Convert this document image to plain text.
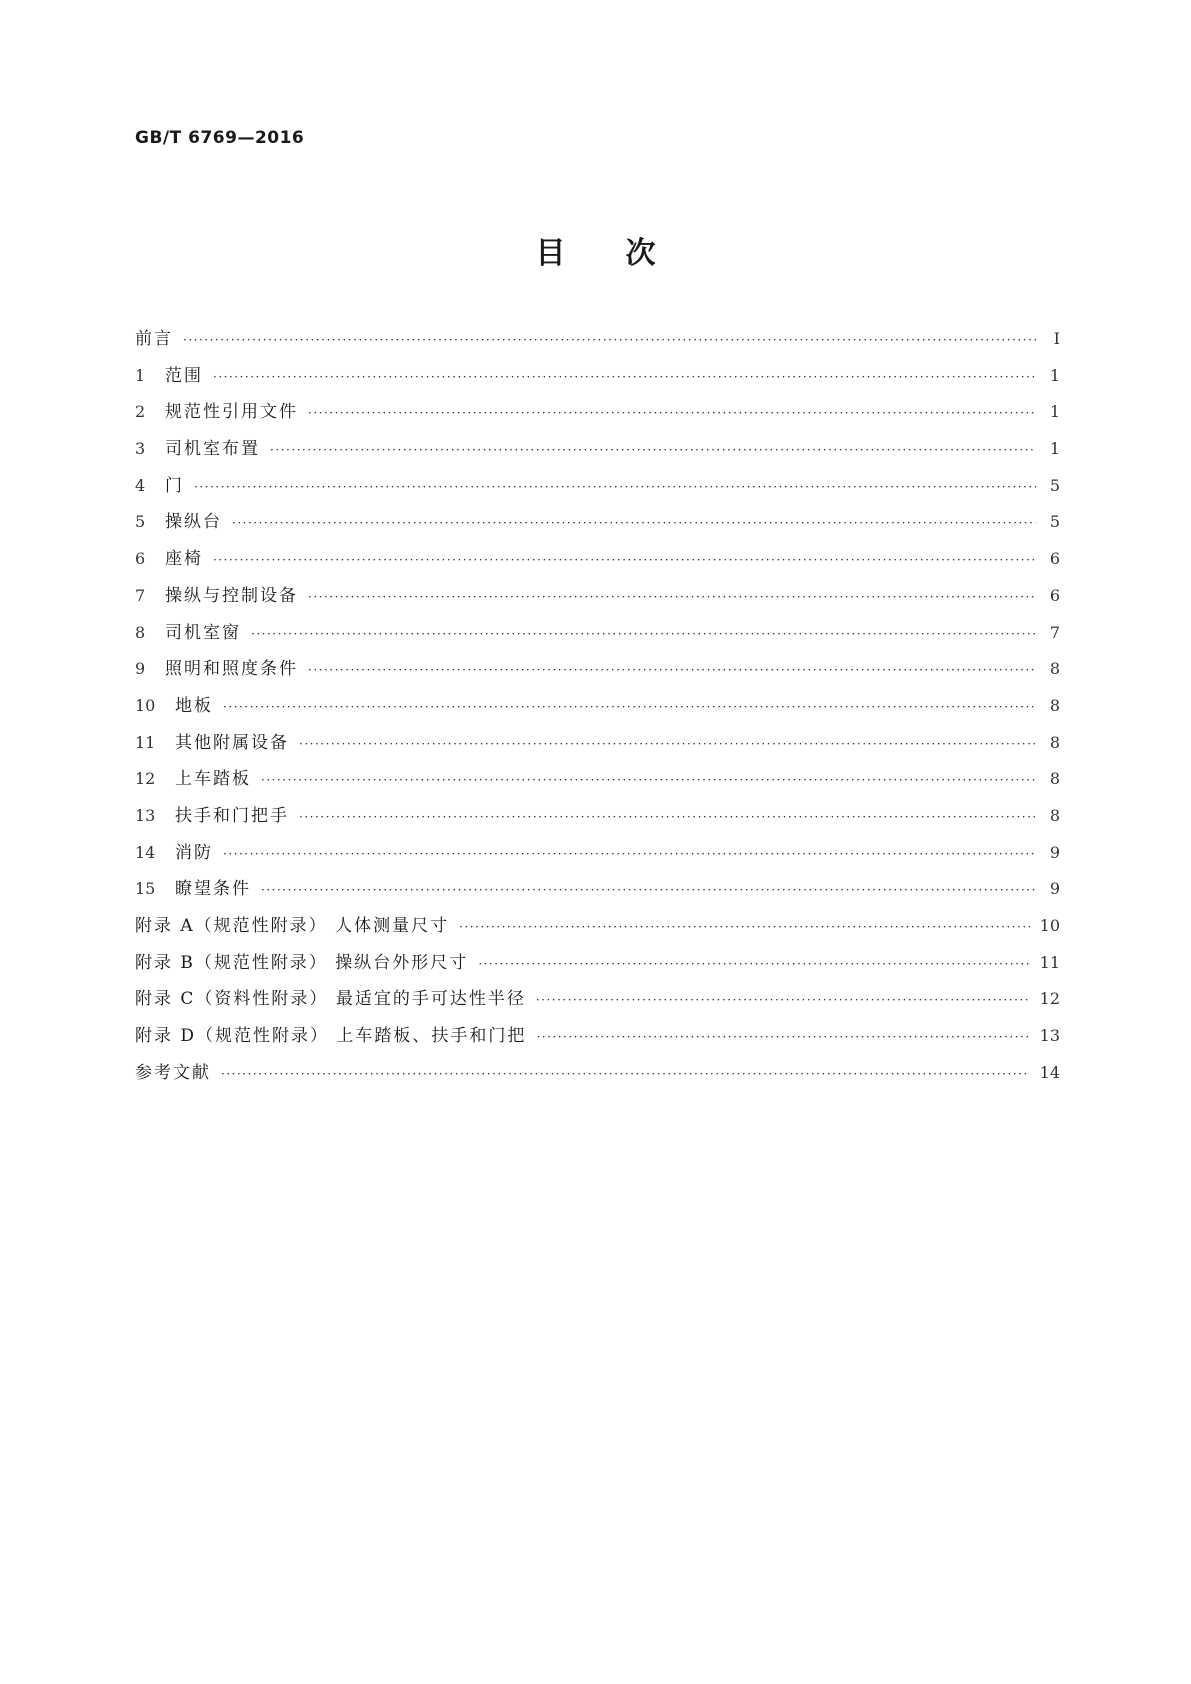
GB/T 6769—2016
目次
前言 ·····	Ⅰ
1	范围 ·····	1
2	规范性引用文件 ·····	1
3	司机室布置 ·····	1
4	门 ·····	5
5	操纵台 ·····	5
6	座椅 ·····	6
7	操纵与控制设备 ·····	6
8	司机室窗 ·····	7
9	照明和照度条件 ·····	8
10	地板 ·····	8
11	其他附属设备 ·····	8
12	上车踏板 ·····	8
13	扶手和门把手 ·····	8
14	消防 ·····	9
15	瞭望条件 ·····	9
附录 A（规范性附录） 人体测量尺寸 ·····	10
附录 B（规范性附录） 操纵台外形尺寸 ·····	11
附录 C（资料性附录） 最适宜的手可达性半径 ·····	12
附录 D（规范性附录） 上车踏板、扶手和门把 ·····	13
参考文献 ·····	14
